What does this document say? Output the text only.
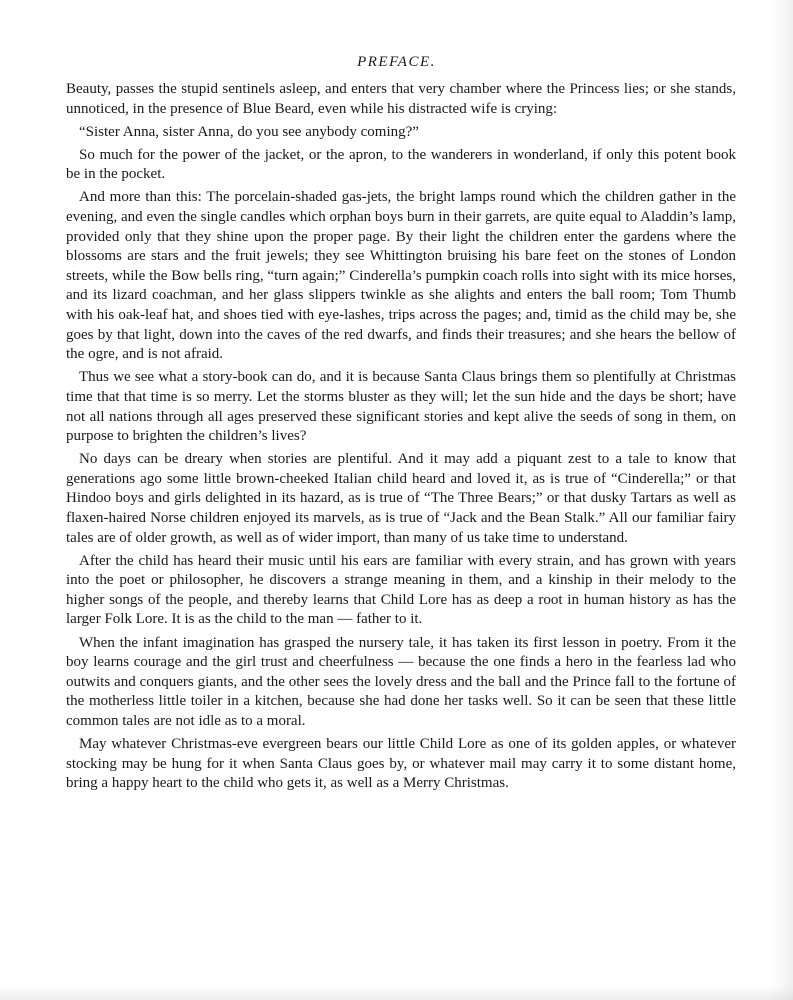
PREFACE.

Beauty, passes the stupid sentinels asleep, and enters that very chamber where the Princess lies; or she stands, unnoticed, in the presence of Blue Beard, even while his distracted wife is crying:

“Sister Anna, sister Anna, do you see anybody coming?”

So much for the power of the jacket, or the apron, to the wanderers in wonderland, if only this potent book be in the pocket.

And more than this: The porcelain-shaded gas-jets, the bright lamps round which the children gather in the evening, and even the single candles which orphan boys burn in their garrets, are quite equal to Aladdin’s lamp, provided only that they shine upon the proper page. By their light the children enter the gardens where the blossoms are stars and the fruit jewels; they see Whittington bruising his bare feet on the stones of London streets, while the Bow bells ring, “turn again;” Cinderella’s pumpkin coach rolls into sight with its mice horses, and its lizard coachman, and her glass slippers twinkle as she alights and enters the ball room; Tom Thumb with his oak-leaf hat, and shoes tied with eye-lashes, trips across the pages; and, timid as the child may be, she goes by that light, down into the caves of the red dwarfs, and finds their treasures; and she hears the bellow of the ogre, and is not afraid.

Thus we see what a story-book can do, and it is because Santa Claus brings them so plentifully at Christmas time that that time is so merry. Let the storms bluster as they will; let the sun hide and the days be short; have not all nations through all ages preserved these significant stories and kept alive the seeds of song in them, on purpose to brighten the children’s lives?

No days can be dreary when stories are plentiful. And it may add a piquant zest to a tale to know that generations ago some little brown-cheeked Italian child heard and loved it, as is true of “Cinderella;” or that Hindoo boys and girls delighted in its hazard, as is true of “The Three Bears;” or that dusky Tartars as well as flaxen-haired Norse children enjoyed its marvels, as is true of “Jack and the Bean Stalk.” All our familiar fairy tales are of older growth, as well as of wider import, than many of us take time to understand.

After the child has heard their music until his ears are familiar with every strain, and has grown with years into the poet or philosopher, he discovers a strange meaning in them, and a kinship in their melody to the higher songs of the people, and thereby learns that Child Lore has as deep a root in human history as has the larger Folk Lore. It is as the child to the man — father to it.

When the infant imagination has grasped the nursery tale, it has taken its first lesson in poetry. From it the boy learns courage and the girl trust and cheerfulness — because the one finds a hero in the fearless lad who outwits and conquers giants, and the other sees the lovely dress and the ball and the Prince fall to the fortune of the motherless little toiler in a kitchen, because she had done her tasks well. So it can be seen that these little common tales are not idle as to a moral.

May whatever Christmas-eve evergreen bears our little Child Lore as one of its golden apples, or whatever stocking may be hung for it when Santa Claus goes by, or whatever mail may carry it to some distant home, bring a happy heart to the child who gets it, as well as a Merry Christmas.
